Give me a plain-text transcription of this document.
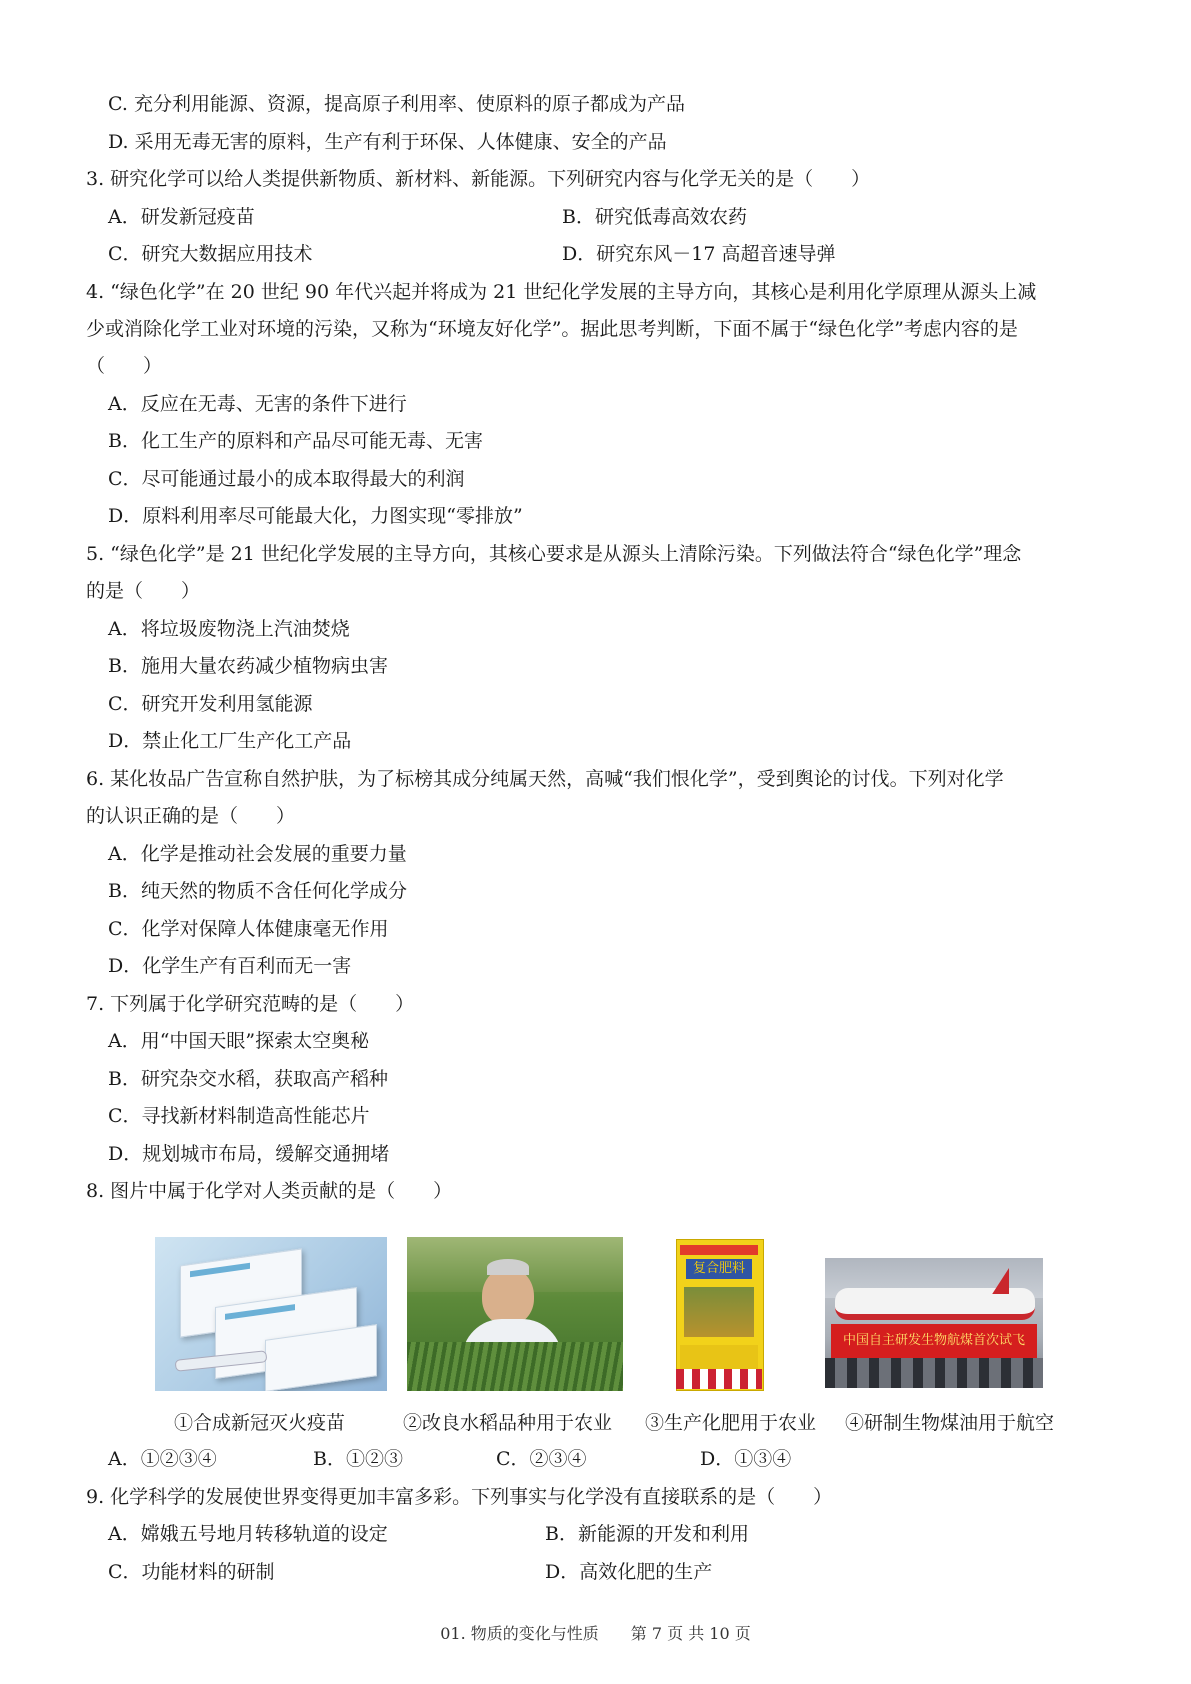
C. 充分利用能源、资源，提高原子利用率、使原料的原子都成为产品
D. 采用无毒无害的原料，生产有利于环保、人体健康、安全的产品
3. 研究化学可以给人类提供新物质、新材料、新能源。下列研究内容与化学无关的是（　　）
A．研发新冠疫苗	B．研究低毒高效农药
C．研究大数据应用技术	D．研究东风－17 高超音速导弹
4. “绿色化学”在 20 世纪 90 年代兴起并将成为 21 世纪化学发展的主导方向，其核心是利用化学原理从源头上减
少或消除化学工业对环境的污染，又称为“环境友好化学”。据此思考判断，下面不属于“绿色化学”考虑内容的是
（　　）
A．反应在无毒、无害的条件下进行
B．化工生产的原料和产品尽可能无毒、无害
C．尽可能通过最小的成本取得最大的利润
D．原料利用率尽可能最大化，力图实现“零排放”
5. “绿色化学”是 21 世纪化学发展的主导方向，其核心要求是从源头上清除污染。下列做法符合“绿色化学”理念
的是（　　）
A．将垃圾废物浇上汽油焚烧
B．施用大量农药减少植物病虫害
C．研究开发利用氢能源
D．禁止化工厂生产化工产品
6. 某化妆品广告宣称自然护肤，为了标榜其成分纯属天然，高喊“我们恨化学”，受到舆论的讨伐。下列对化学
的认识正确的是（　　）
A．化学是推动社会发展的重要力量
B．纯天然的物质不含任何化学成分
C．化学对保障人体健康毫无作用
D．化学生产有百利而无一害
7. 下列属于化学研究范畴的是（　　）
A．用“中国天眼”探索太空奥秘
B．研究杂交水稻，获取高产稻种
C．寻找新材料制造高性能芯片
D．规划城市布局，缓解交通拥堵
8. 图片中属于化学对人类贡献的是（　　）
复合肥料
中国自主研发生物航煤首次试飞
①合成新冠灭火疫苗	②改良水稻品种用于农业 ③生产化肥用于农业 ④研制生物煤油用于航空
A．①②③④	B．①②③	C．②③④	D．①③④
9. 化学科学的发展使世界变得更加丰富多彩。下列事实与化学没有直接联系的是（　　）
A．嫦娥五号地月转移轨道的设定	B．新能源的开发和利用
C．功能材料的研制	D．高效化肥的生产
01. 物质的变化与性质　　第 7 页 共 10 页
